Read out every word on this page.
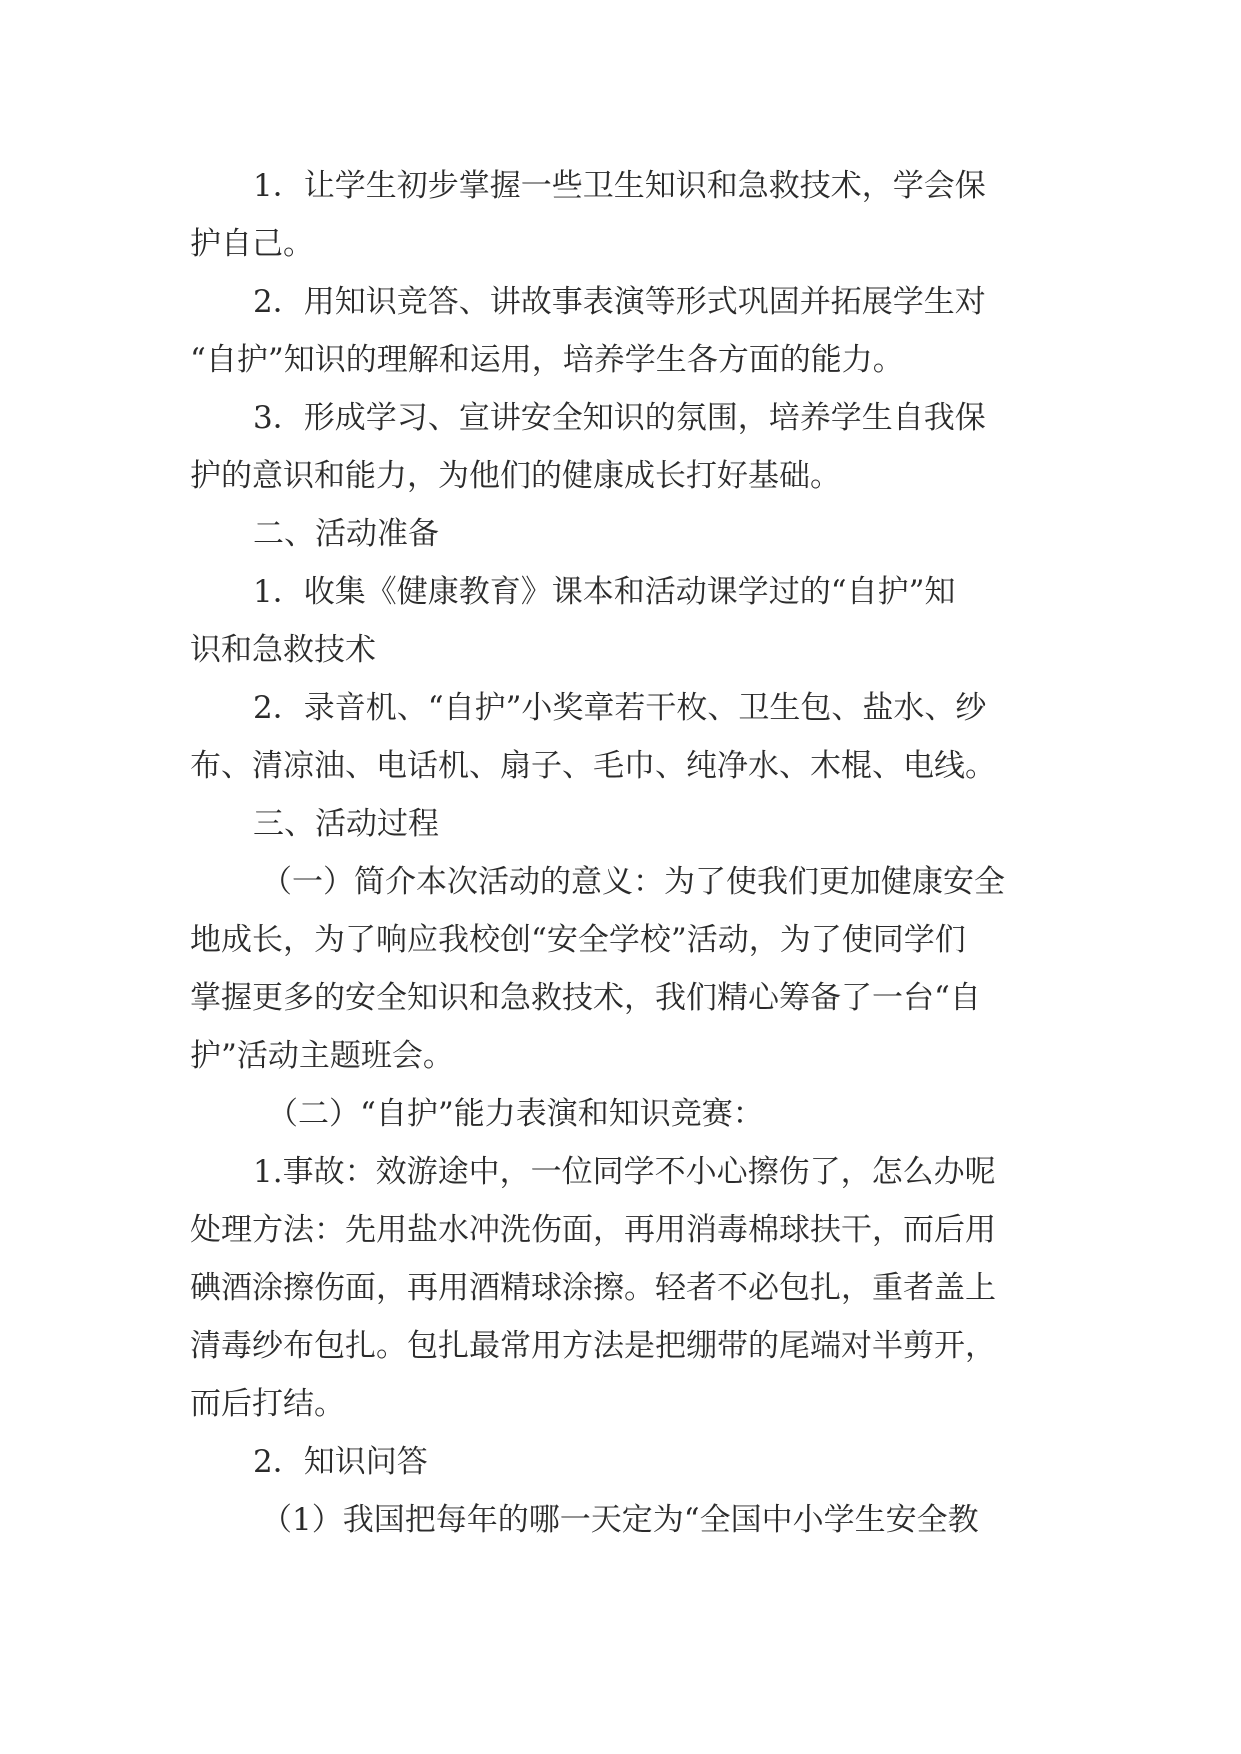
1．让学生初步掌握一些卫生知识和急救技术，学会保

护自己。

2．用知识竞答、讲故事表演等形式巩固并拓展学生对

“自护”知识的理解和运用，培养学生各方面的能力。

3．形成学习、宣讲安全知识的氛围，培养学生自我保

护的意识和能力，为他们的健康成长打好基础。

二、活动准备

1．收集《健康教育》课本和活动课学过的“自护”知

识和急救技术

2．录音机、“自护”小奖章若干枚、卫生包、盐水、纱

布、清凉油、电话机、扇子、毛巾、纯净水、木棍、电线。

三、活动过程

（一）简介本次活动的意义：为了使我们更加健康安全

地成长，为了响应我校创“安全学校”活动，为了使同学们

掌握更多的安全知识和急救技术，我们精心筹备了一台“自

护”活动主题班会。

（二）“自护”能力表演和知识竞赛：

1.事故：效游途中，一位同学不小心擦伤了，怎么办呢

处理方法：先用盐水冲洗伤面，再用消毒棉球扶干，而后用

碘酒涂擦伤面，再用酒精球涂擦。轻者不必包扎，重者盖上

清毒纱布包扎。包扎最常用方法是把绷带的尾端对半剪开，

而后打结。

2．知识问答

（1）我国把每年的哪一天定为“全国中小学生安全教
